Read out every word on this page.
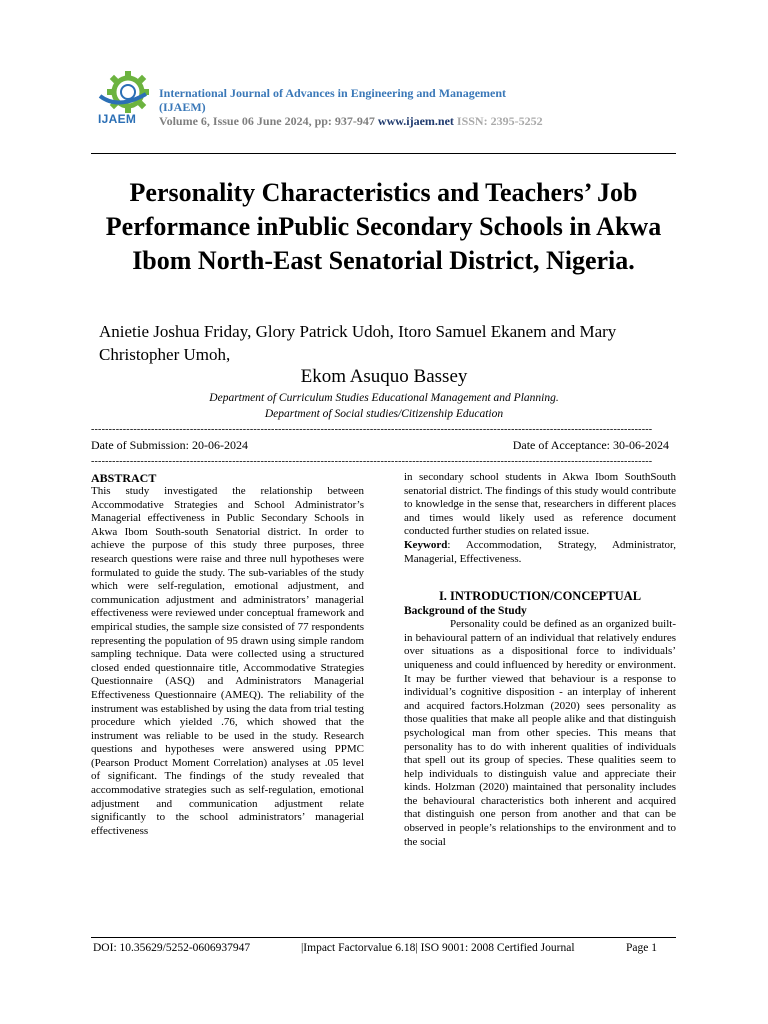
IJAEM
International Journal of Advances in Engineering and Management
(IJAEM)
Volume 6, Issue 06 June 2024, pp: 937-947 www.ijaem.net ISSN: 2395-5252
Personality Characteristics and Teachers’ Job Performance inPublic Secondary Schools in Akwa Ibom North-East Senatorial District, Nigeria.
Anietie Joshua Friday, Glory Patrick Udoh, Itoro Samuel Ekanem and Mary Christopher Umoh,
Ekom Asuquo Bassey
Department of Curriculum Studies Educational Management and Planning.
Department of Social studies/Citizenship Education
---------------------------------------------------------------------------------------------------------------------------------------------------------------
Date of Submission: 20-06-2024	Date of Acceptance: 30-06-2024
---------------------------------------------------------------------------------------------------------------------------------------------------------------

ABSTRACT

This study investigated the relationship between Accommodative Strategies and School Administrator’s Managerial effectiveness in Public Secondary Schools in Akwa Ibom South-south Senatorial district. In order to achieve the purpose of this study three purposes, three research questions were raise and three null hypotheses were formulated to guide the study. The sub-variables of the study which were self-regulation, emotional adjustment, and communication adjustment and administrators’ managerial effectiveness were reviewed under conceptual framework and empirical studies, the sample size consisted of 77 respondents representing the population of 95 drawn using simple random sampling technique. Data were collected using a structured closed ended questionnaire title, Accommodative Strategies Questionnaire (ASQ) and Administrators Managerial Effectiveness Questionnaire (AMEQ). The reliability of the instrument was established by using the data from trial testing procedure which yielded .76, which showed that the instrument was reliable to be used in the study. Research questions and hypotheses were answered using PPMC (Pearson Product Moment Correlation) analyses at .05 level of significant. The findings of the study revealed that accommodative strategies such as self-regulation, emotional adjustment and communication adjustment relate significantly to the school administrators’ managerial effectiveness

in secondary school students in Akwa Ibom SouthSouth senatorial district. The findings of this study would contribute to knowledge in the sense that, researchers in different places and times would likely used as reference document conducted further studies on related issue.

Keyword: Accommodation, Strategy, Administrator, Managerial, Effectiveness.

I. INTRODUCTION/CONCEPTUAL

Background of the Study

Personality could be defined as an organized built-in behavioural pattern of an individual that relatively endures over situations as a dispositional force to individuals’ uniqueness and could influenced by heredity or environment. It may be further viewed that behaviour is a response to individual’s cognitive disposition - an interplay of inherent and acquired factors.Holzman (2020) sees personality as those qualities that make all people alike and that distinguish psychological man from other species. This means that personality has to do with inherent qualities of individuals that spell out its group of species. These qualities seem to help individuals to distinguish value and appreciate their kinds. Holzman (2020) maintained that personality includes the behavioural characteristics both inherent and acquired that distinguish one person from another and that can be observed in people’s relationships to the environment and to the social

DOI: 10.35629/5252-0606937947	|Impact Factorvalue 6.18| ISO 9001: 2008 Certified Journal	Page 1
